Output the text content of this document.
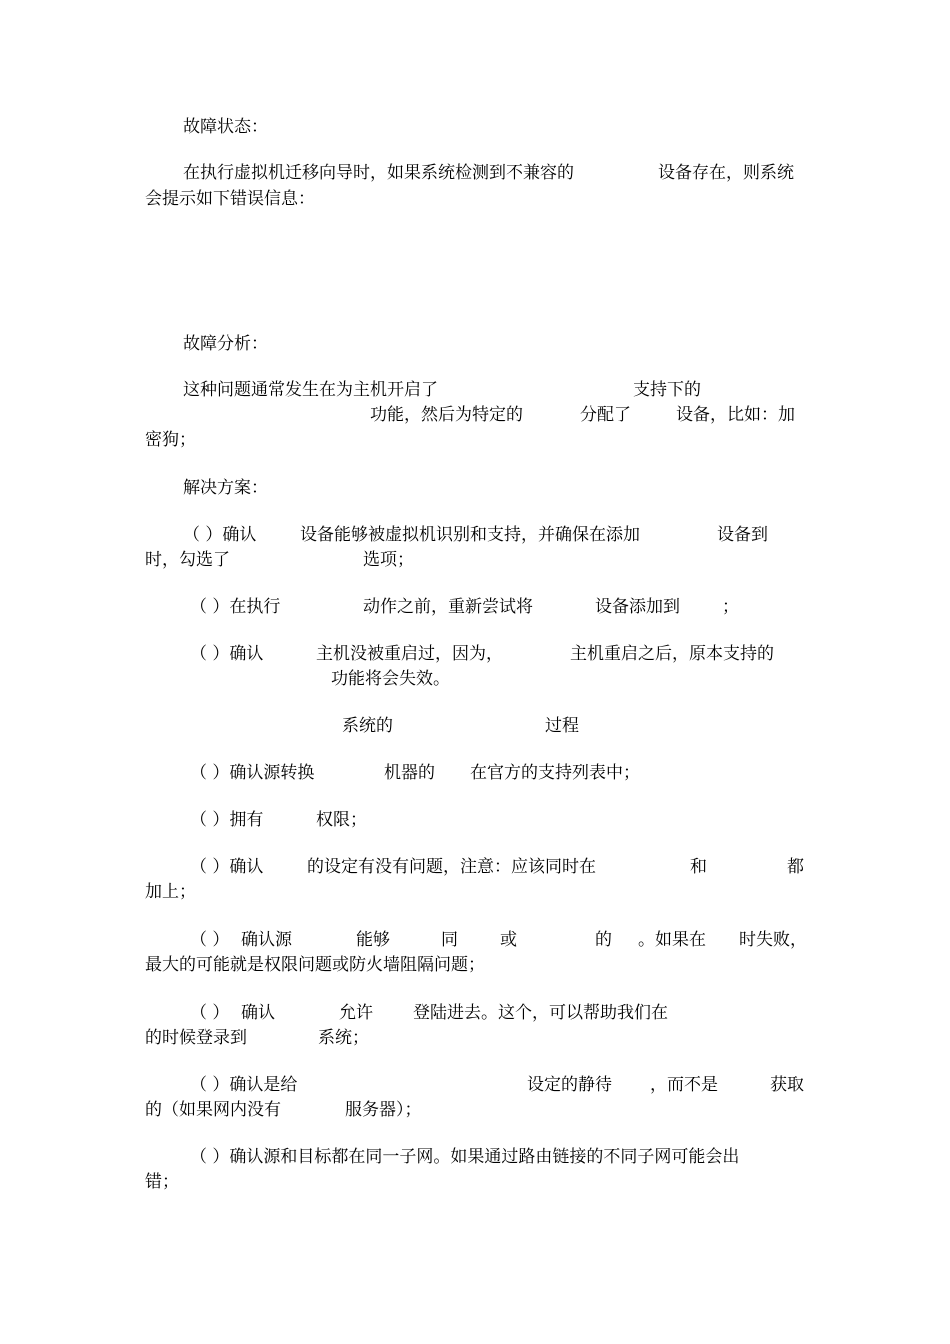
故障状态：
在执行虚拟机迁移向导时，如果系统检测到不兼容的	设备存在，则系统
会提示如下错误信息：
故障分析：
这种问题通常发生在为主机开启了	支持下的
功能，然后为特定的	分配了	设备，比如：加
密狗；
解决方案：
（ ）确认	设备能够被虚拟机识别和支持，并确保在添加	设备到
时，勾选了	选项；
（ ）在执行	动作之前，重新尝试将	设备添加到 ；
（ ）确认	主机没被重启过，因为，	主机重启之后，原本支持的
功能将会失效。
系统的	过程
（ ）确认源转换	机器的 在官方的支持列表中；
（ ）拥有	权限；
（ ）确认	的设定有没有问题，注意：应该同时在	和	都
加上；
（ ） 确认源	能够	同 或	的 。如果在 时失败，
最大的可能就是权限问题或防火墙阻隔问题；
（ ） 确认	允许 登陆进去。这个，可以帮助我们在
的时候登录到	系统；
（ ）确认是给	设定的静待 ，而不是	获取
的（如果网内没有	服务器）；
（ ）确认源和目标都在同一子网。如果通过路由链接的不同子网可能会出
错；
